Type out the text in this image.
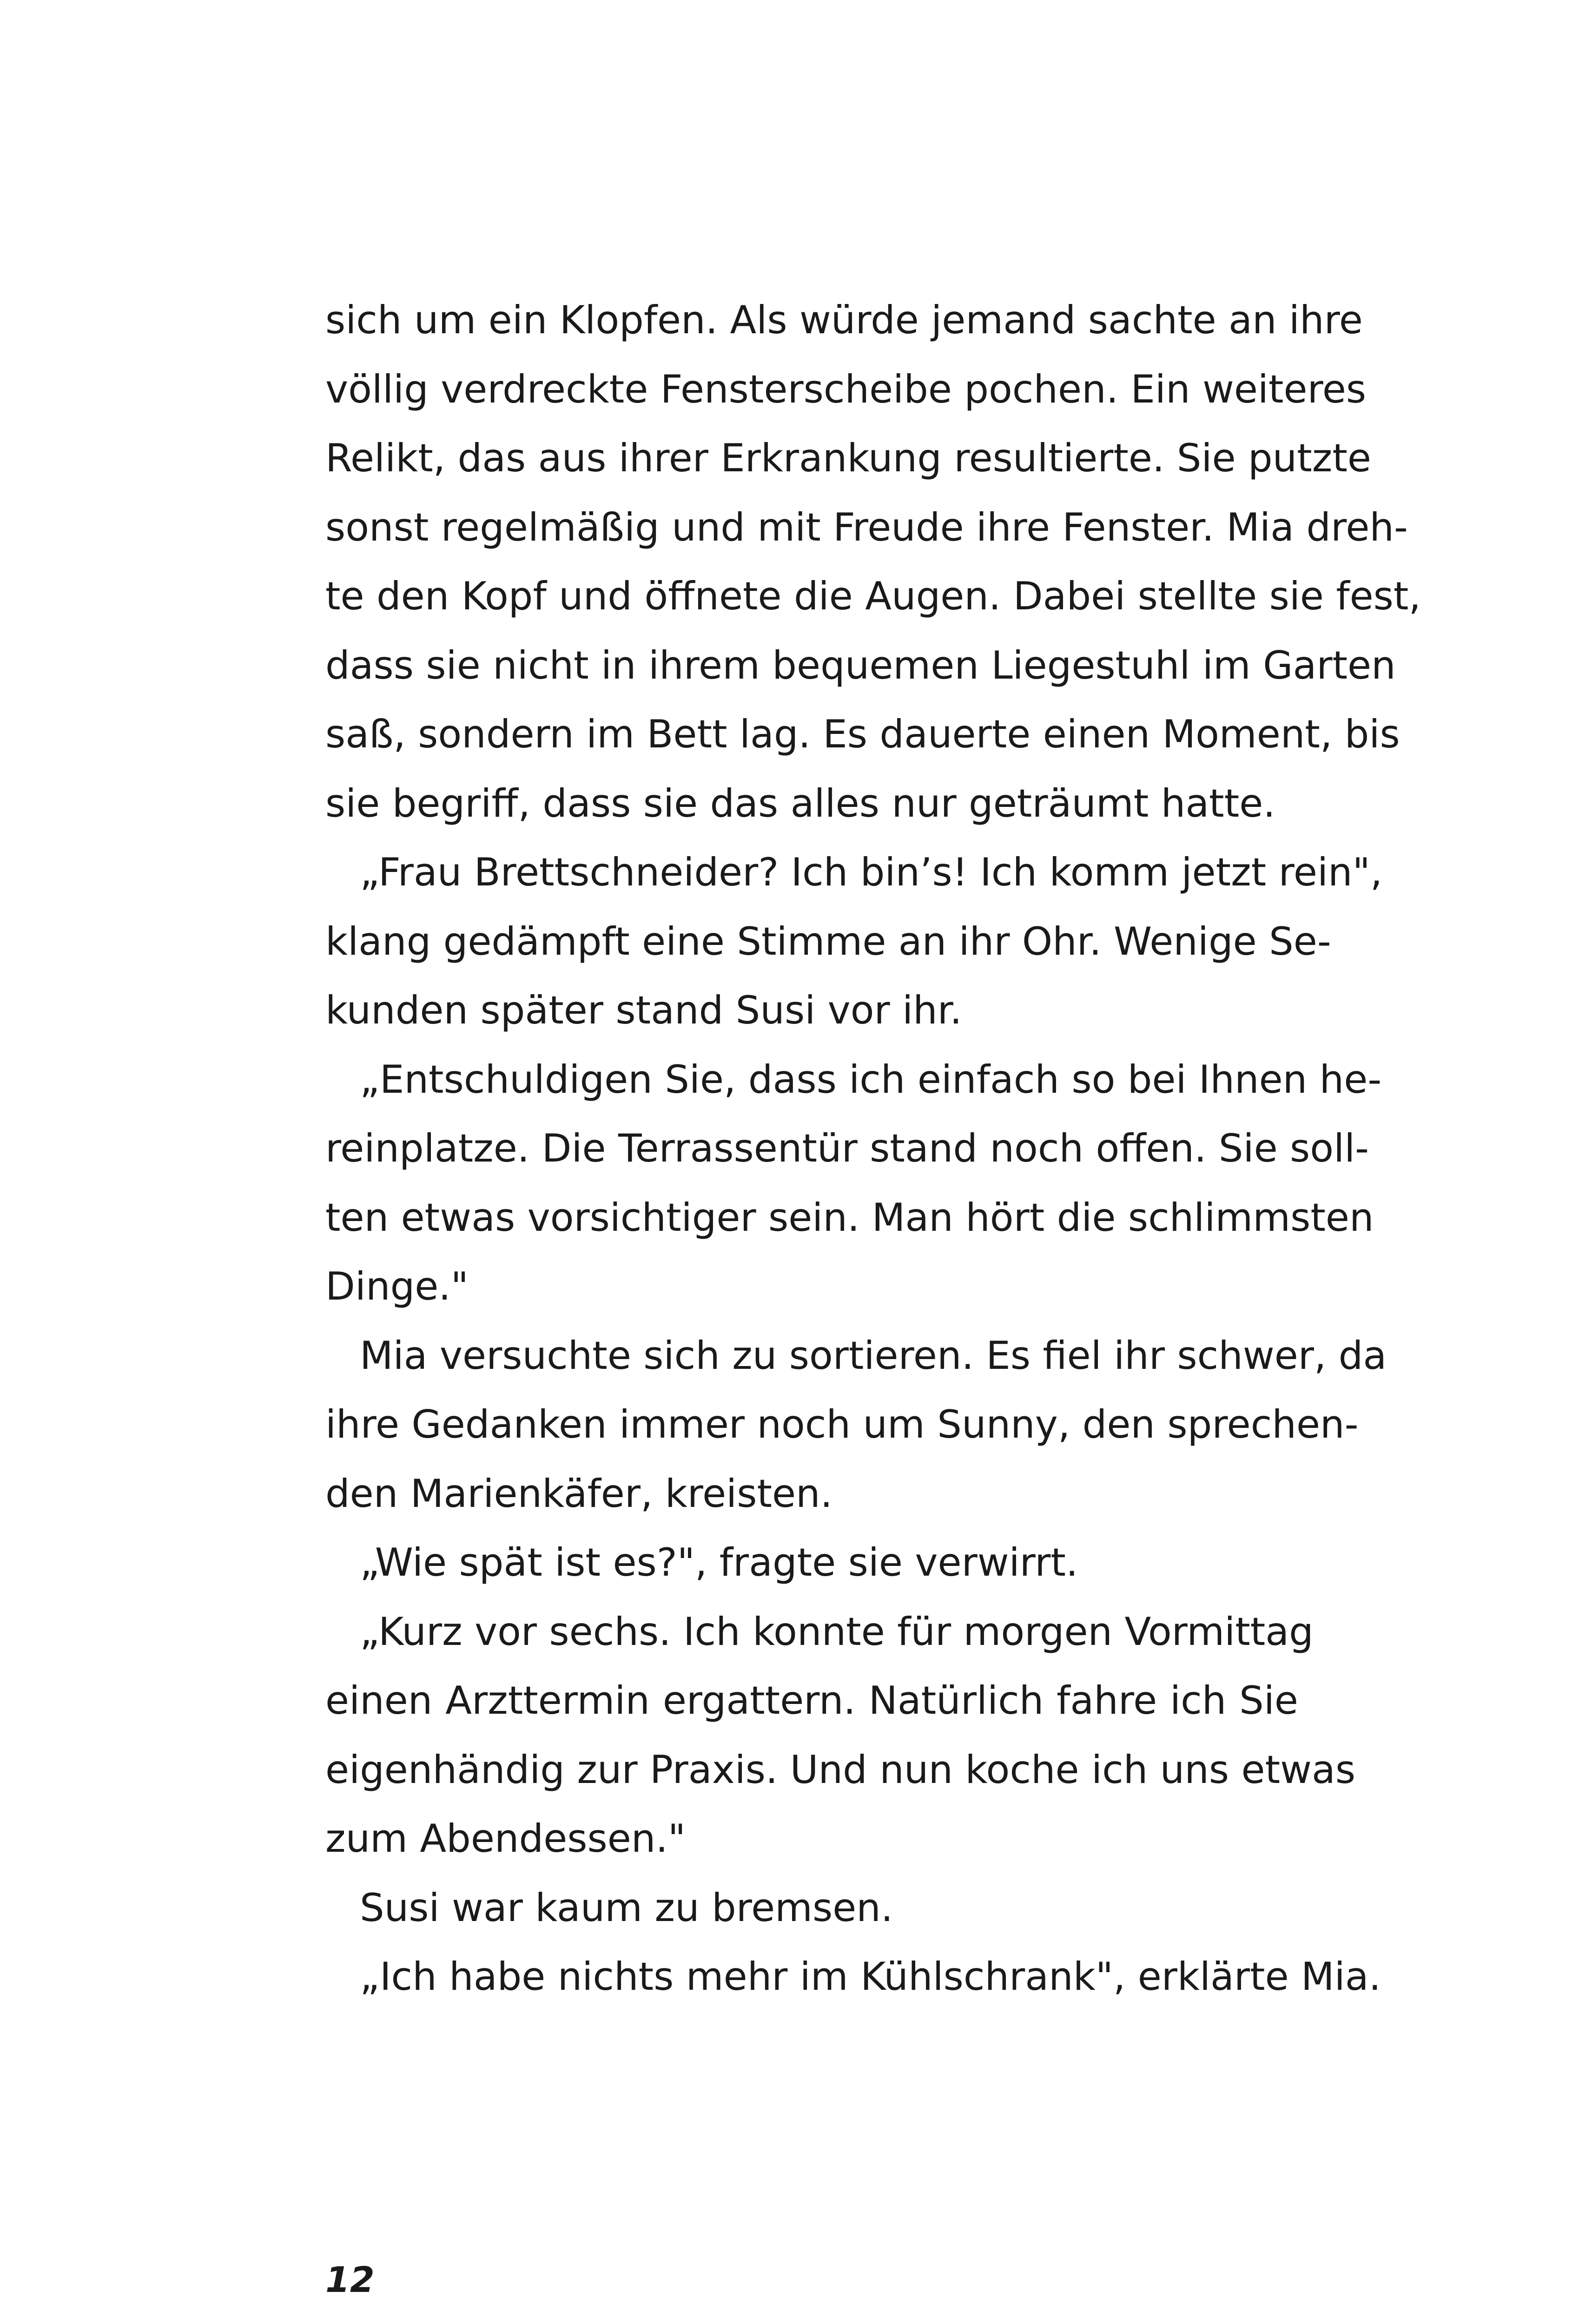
sich um ein Klopfen. Als würde jemand sachte an ihre
völlig verdreckte Fensterscheibe pochen. Ein weiteres
Relikt, das aus ihrer Erkrankung resultierte. Sie putzte
sonst regelmäßig und mit Freude ihre Fenster. Mia dreh-
te den Kopf und öffnete die Augen. Dabei stellte sie fest,
dass sie nicht in ihrem bequemen Liegestuhl im Garten
saß, sondern im Bett lag. Es dauerte einen Moment, bis
sie begriff, dass sie das alles nur geträumt hatte.
„Frau Brettschneider? Ich bin’s! Ich komm jetzt rein",
klang gedämpft eine Stimme an ihr Ohr. Wenige Se-
kunden später stand Susi vor ihr.
„Entschuldigen Sie, dass ich einfach so bei Ihnen he-
reinplatze. Die Terrassentür stand noch offen. Sie soll-
ten etwas vorsichtiger sein. Man hört die schlimmsten
Dinge."
Mia versuchte sich zu sortieren. Es fiel ihr schwer, da
ihre Gedanken immer noch um Sunny, den sprechen-
den Marienkäfer, kreisten.
„Wie spät ist es?", fragte sie verwirrt.
„Kurz vor sechs. Ich konnte für morgen Vormittag
einen Arzttermin ergattern. Natürlich fahre ich Sie
eigenhändig zur Praxis. Und nun koche ich uns etwas
zum Abendessen."
Susi war kaum zu bremsen.
„Ich habe nichts mehr im Kühlschrank", erklärte Mia.
12
